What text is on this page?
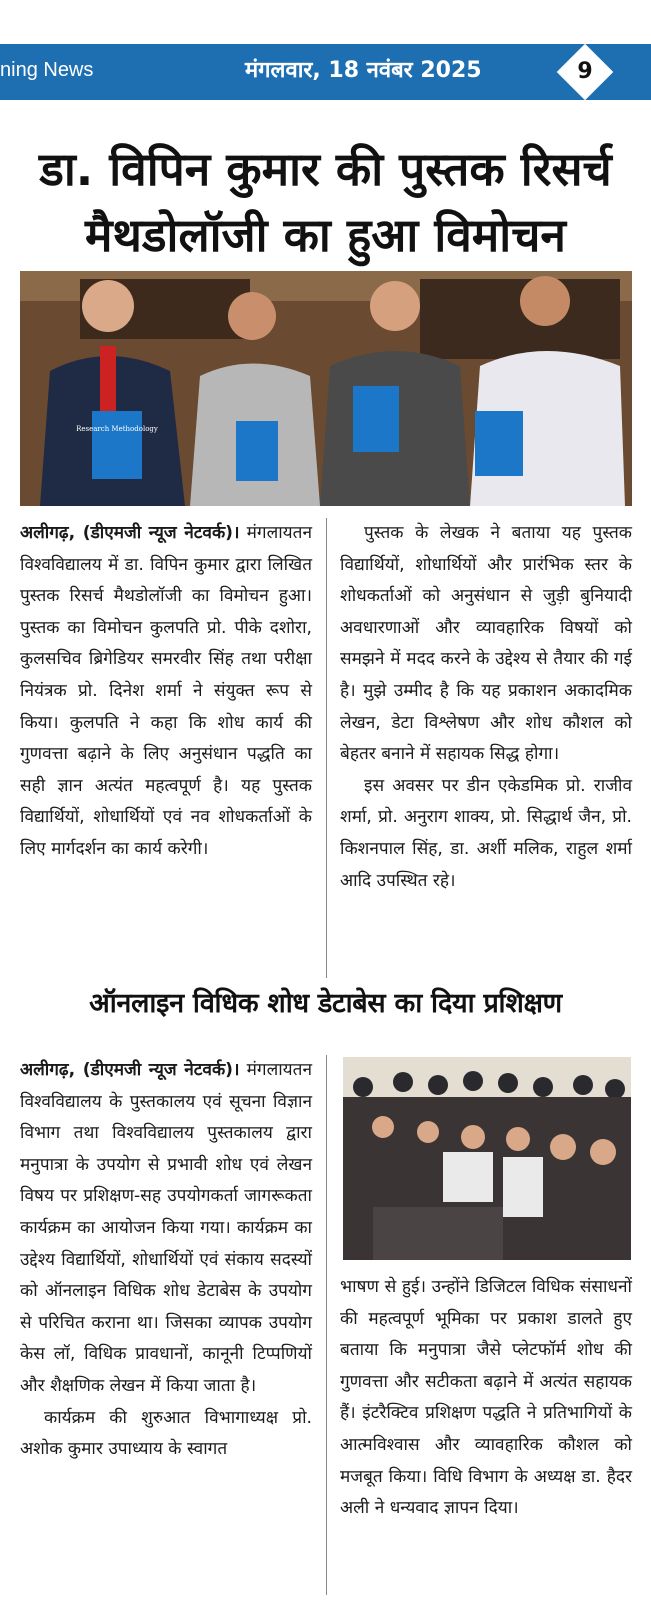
ning News	मंगलवार, 18 नवंबर 2025	9
डा. विपिन कुमार की पुस्तक रिसर्च
मैथडोलॉजी का हुआ विमोचन
Research Methodology

अलीगढ़, (डीएमजी न्यूज नेटवर्क)। मंगलायतन विश्वविद्यालय में डा. विपिन कुमार द्वारा लिखित पुस्तक रिसर्च मैथडोलॉजी का विमोचन हुआ। पुस्तक का विमोचन कुलपति प्रो. पीके दशोरा, कुलसचिव ब्रिगेडियर समरवीर सिंह तथा परीक्षा नियंत्रक प्रो. दिनेश शर्मा ने संयुक्त रूप से किया। कुलपति ने कहा कि शोध कार्य की गुणवत्ता बढ़ाने के लिए अनुसंधान पद्धति का सही ज्ञान अत्यंत महत्वपूर्ण है। यह पुस्तक विद्यार्थियों, शोधार्थियों एवं नव शोधकर्ताओं के लिए मार्गदर्शन का कार्य करेगी।

पुस्तक के लेखक ने बताया यह पुस्तक विद्यार्थियों, शोधार्थियों और प्रारंभिक स्तर के शोधकर्ताओं को अनुसंधान से जुड़ी बुनियादी अवधारणाओं और व्यावहारिक विषयों को समझने में मदद करने के उद्देश्य से तैयार की गई है। मुझे उम्मीद है कि यह प्रकाशन अकादमिक लेखन, डेटा विश्लेषण और शोध कौशल को बेहतर बनाने में सहायक सिद्ध होगा।

इस अवसर पर डीन एकेडमिक प्रो. राजीव शर्मा, प्रो. अनुराग शाक्य, प्रो. सिद्धार्थ जैन, प्रो. किशनपाल सिंह, डा. अर्शी मलिक, राहुल शर्मा आदि उपस्थित रहे।

ऑनलाइन विधिक शोध डेटाबेस का दिया प्रशिक्षण

अलीगढ़, (डीएमजी न्यूज नेटवर्क)। मंगलायतन विश्वविद्यालय के पुस्तकालय एवं सूचना विज्ञान विभाग तथा विश्वविद्यालय पुस्तकालय द्वारा मनुपात्रा के उपयोग से प्रभावी शोध एवं लेखन विषय पर प्रशिक्षण-सह उपयोगकर्ता जागरूकता कार्यक्रम का आयोजन किया गया। कार्यक्रम का उद्देश्य विद्यार्थियों, शोधार्थियों एवं संकाय सदस्यों को ऑनलाइन विधिक शोध डेटाबेस के उपयोग से परिचित कराना था। जिसका व्यापक उपयोग केस लॉ, विधिक प्रावधानों, कानूनी टिप्पणियों और शैक्षणिक लेखन में किया जाता है।

कार्यक्रम की शुरुआत विभागाध्यक्ष प्रो. अशोक कुमार उपाध्याय के स्वागत

भाषण से हुई। उन्होंने डिजिटल विधिक संसाधनों की महत्वपूर्ण भूमिका पर प्रकाश डालते हुए बताया कि मनुपात्रा जैसे प्लेटफॉर्म शोध की गुणवत्ता और सटीकता बढ़ाने में अत्यंत सहायक हैं। इंटरैक्टिव प्रशिक्षण पद्धति ने प्रतिभागियों के आत्मविश्वास और व्यावहारिक कौशल को मजबूत किया। विधि विभाग के अध्यक्ष डा. हैदर अली ने धन्यवाद ज्ञापन दिया।
